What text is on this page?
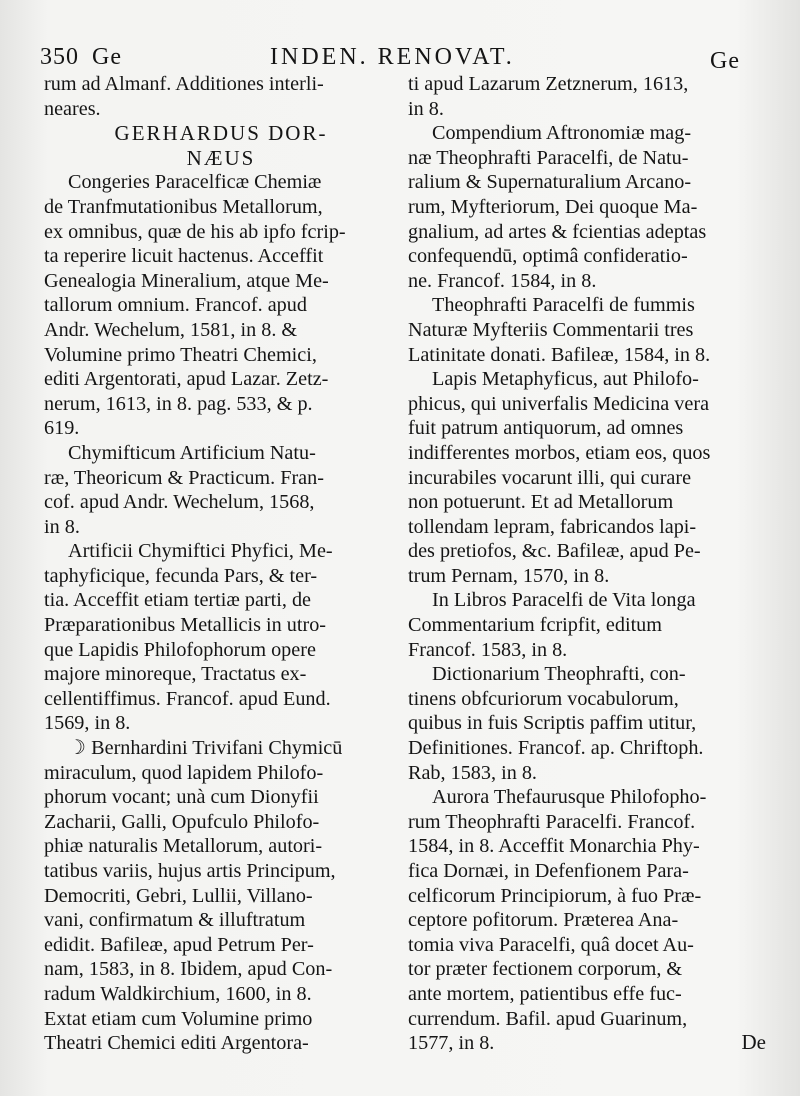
350 Ge	INDEN. RENOVAT.	Ge
rum ad Almanf. Additiones interli-
neares.
GERHARDUS DOR-
NÆUS
Congeries Paracelficæ Chemiæ
de Tranfmutationibus Metallorum,
ex omnibus, quæ de his ab ipfo fcrip-
ta reperire licuit hactenus. Acceffit
Genealogia Mineralium, atque Me-
tallorum omnium. Francof. apud
Andr. Wechelum, 1581, in 8. &
Volumine primo Theatri Chemici,
editi Argentorati, apud Lazar. Zetz-
nerum, 1613, in 8. pag. 533, & p.
619.
Chymifticum Artificium Natu-
ræ, Theoricum & Practicum. Fran-
cof. apud Andr. Wechelum, 1568,
in 8.
Artificii Chymiftici Phyfici, Me-
taphyficique, fecunda Pars, & ter-
tia. Acceffit etiam tertiæ parti, de
Præparationibus Metallicis in utro-
que Lapidis Philofophorum opere
majore minoreque, Tractatus ex-
cellentiffimus. Francof. apud Eund.
1569, in 8.
☽ Bernhardini Trivifani Chymicū
miraculum, quod lapidem Philofo-
phorum vocant; unà cum Dionyfii
Zacharii, Galli, Opufculo Philofo-
phiæ naturalis Metallorum, autori-
tatibus variis, hujus artis Principum,
Democriti, Gebri, Lullii, Villano-
vani, confirmatum & illuftratum
edidit. Bafileæ, apud Petrum Per-
nam, 1583, in 8. Ibidem, apud Con-
radum Waldkirchium, 1600, in 8.
Extat etiam cum Volumine primo
Theatri Chemici editi Argentora-
ti apud Lazarum Zetznerum, 1613,
in 8.
Compendium Aftronomiæ mag-
næ Theophrafti Paracelfi, de Natu-
ralium & Supernaturalium Arcano-
rum, Myfteriorum, Dei quoque Ma-
gnalium, ad artes & fcientias adeptas
confequendū, optimâ confideratio-
ne. Francof. 1584, in 8.
Theophrafti Paracelfi de fummis
Naturæ Myfteriis Commentarii tres
Latinitate donati. Bafileæ, 1584, in 8.
Lapis Metaphyficus, aut Philofo-
phicus, qui univerfalis Medicina vera
fuit patrum antiquorum, ad omnes
indifferentes morbos, etiam eos, quos
incurabiles vocarunt illi, qui curare
non potuerunt. Et ad Metallorum
tollendam lepram, fabricandos lapi-
des pretiofos, &c. Bafileæ, apud Pe-
trum Pernam, 1570, in 8.
In Libros Paracelfi de Vita longa
Commentarium fcripfit, editum
Francof. 1583, in 8.
Dictionarium Theophrafti, con-
tinens obfcuriorum vocabulorum,
quibus in fuis Scriptis paffim utitur,
Definitiones. Francof. ap. Chriftoph.
Rab, 1583, in 8.
Aurora Thefaurusque Philofopho-
rum Theophrafti Paracelfi. Francof.
1584, in 8. Acceffit Monarchia Phy-
fica Dornæi, in Defenfionem Para-
celficorum Principiorum, à fuo Præ-
ceptore pofitorum. Præterea Ana-
tomia viva Paracelfi, quâ docet Au-
tor præter fectionem corporum, &
ante mortem, patientibus effe fuc-
currendum. Bafil. apud Guarinum,
1577, in 8.	De
